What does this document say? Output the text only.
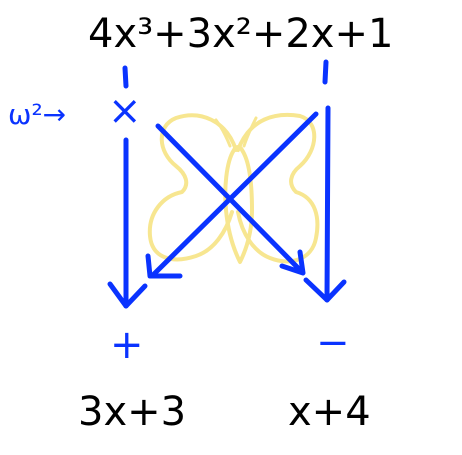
4x³+3x²+2x+1
ω²→ ×
+	−
3x+3	x+4
